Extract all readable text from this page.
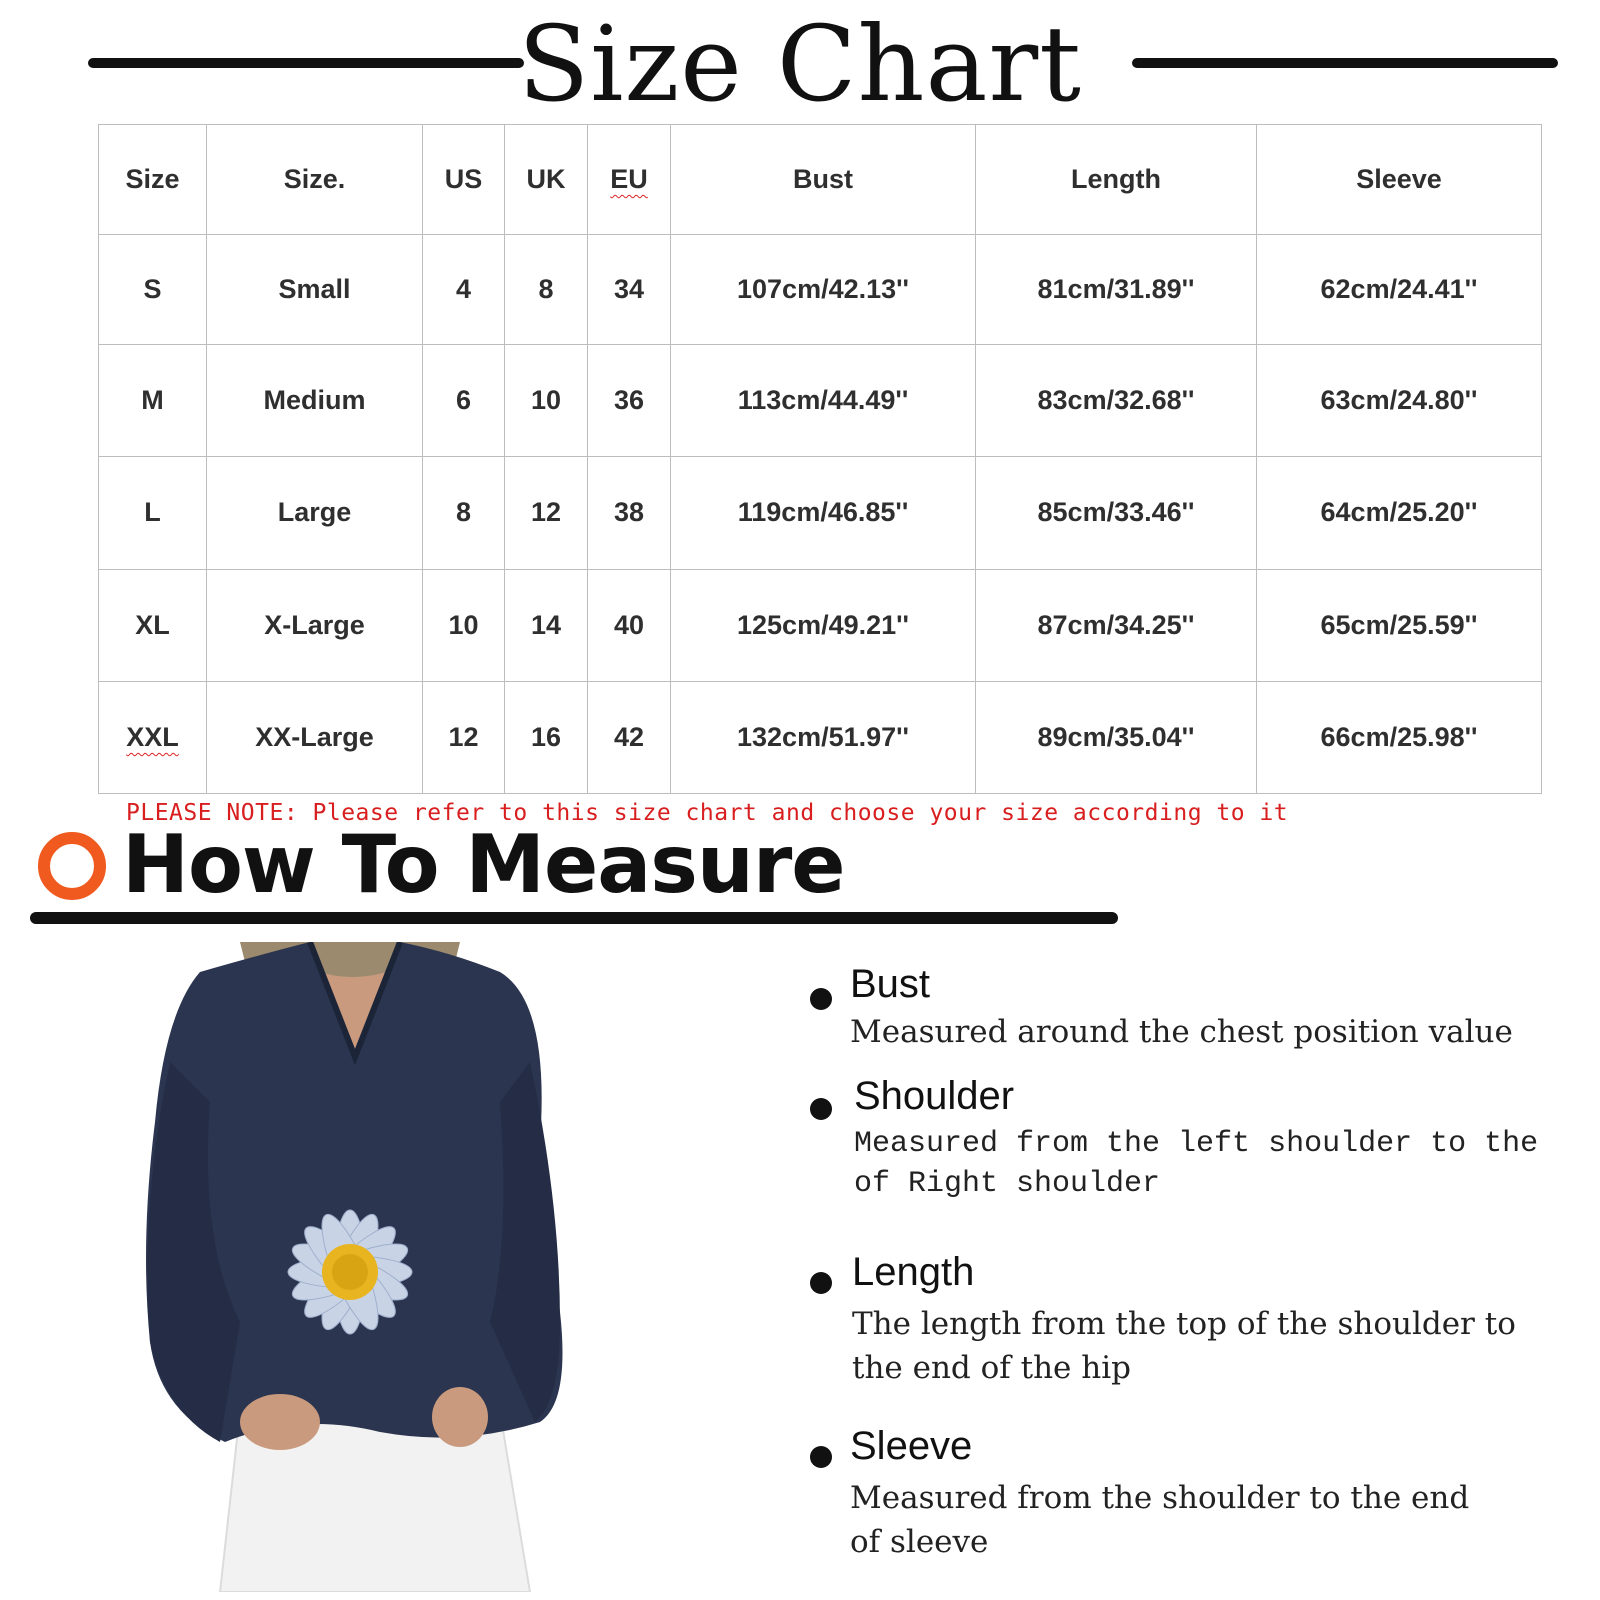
Size Chart
Size	Size.	US	UK	EU	Bust	Length	Sleeve
S	Small	4	8	34	107cm/42.13''	81cm/31.89''	62cm/24.41''
M	Medium	6	10	36	113cm/44.49''	83cm/32.68''	63cm/24.80''
L	Large	8	12	38	119cm/46.85''	85cm/33.46''	64cm/25.20''
XL	X-Large	10	14	40	125cm/49.21''	87cm/34.25''	65cm/25.59''
XXL	XX-Large	12	16	42	132cm/51.97''	89cm/35.04''	66cm/25.98''
PLEASE NOTE: Please refer to this size chart and choose your size according to it
How To Measure
Bust
Measured around the chest position value
Shoulder
Measured from the left shoulder to the
of Right shoulder
Length
The length from the top of the shoulder to
the end of the hip
Sleeve
Measured from the shoulder to the end
of sleeve
